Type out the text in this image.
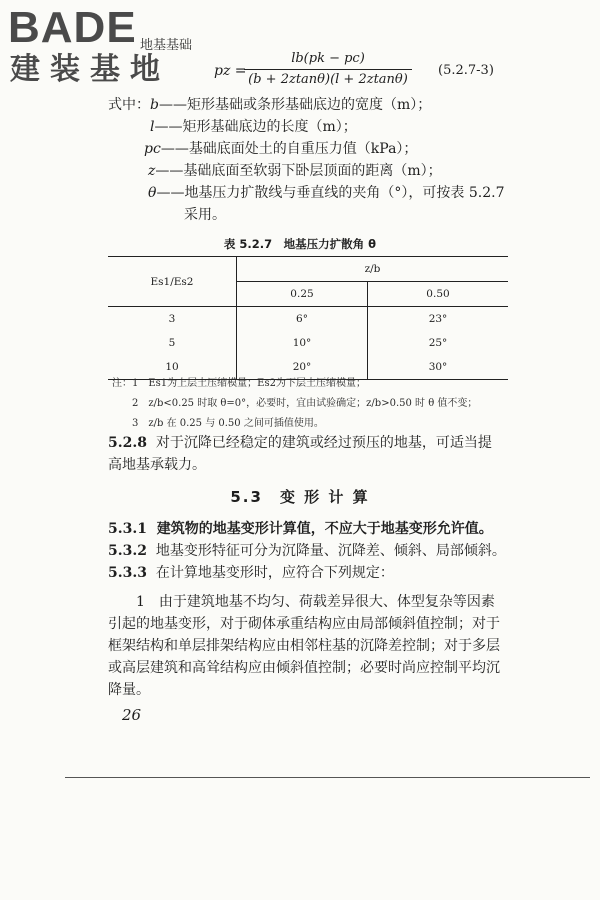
BADE
建装基地
地基基础
pz =
lb(pk − pc)
(b + 2ztanθ)(l + 2ztanθ)
(5.2.7-3)
式中：b——矩形基础或条形基础底边的宽度（m）；
l——矩形基础底边的长度（m）；
pc——基础底面处土的自重压力值（kPa）；
z——基础底面至软弱下卧层顶面的距离（m）；
θ——地基压力扩散线与垂直线的夹角（°），可按表 5.2.7
采用。
表 5.2.7　地基压力扩散角 θ
Es1/Es2	z/b	
	0.25	0.50
3	6°	23°
5	10°	25°
10	20°	30°
注：1　Es1为上层土压缩模量；Es2为下层土压缩模量；
2　z/b<0.25 时取 θ=0°，必要时，宜由试验确定；z/b>0.50 时 θ 值不变；
3　z/b 在 0.25 与 0.50 之间可插值使用。
5.2.8 对于沉降已经稳定的建筑或经过预压的地基，可适当提
高地基承载力。
5.3　变 形 计 算
5.3.1 建筑物的地基变形计算值，不应大于地基变形允许值。
5.3.2 地基变形特征可分为沉降量、沉降差、倾斜、局部倾斜。
5.3.3 在计算地基变形时，应符合下列规定：
1　由于建筑地基不均匀、荷载差异很大、体型复杂等因素
引起的地基变形，对于砌体承重结构应由局部倾斜值控制；对于
框架结构和单层排架结构应由相邻柱基的沉降差控制；对于多层
或高层建筑和高耸结构应由倾斜值控制；必要时尚应控制平均沉
降量。
26
